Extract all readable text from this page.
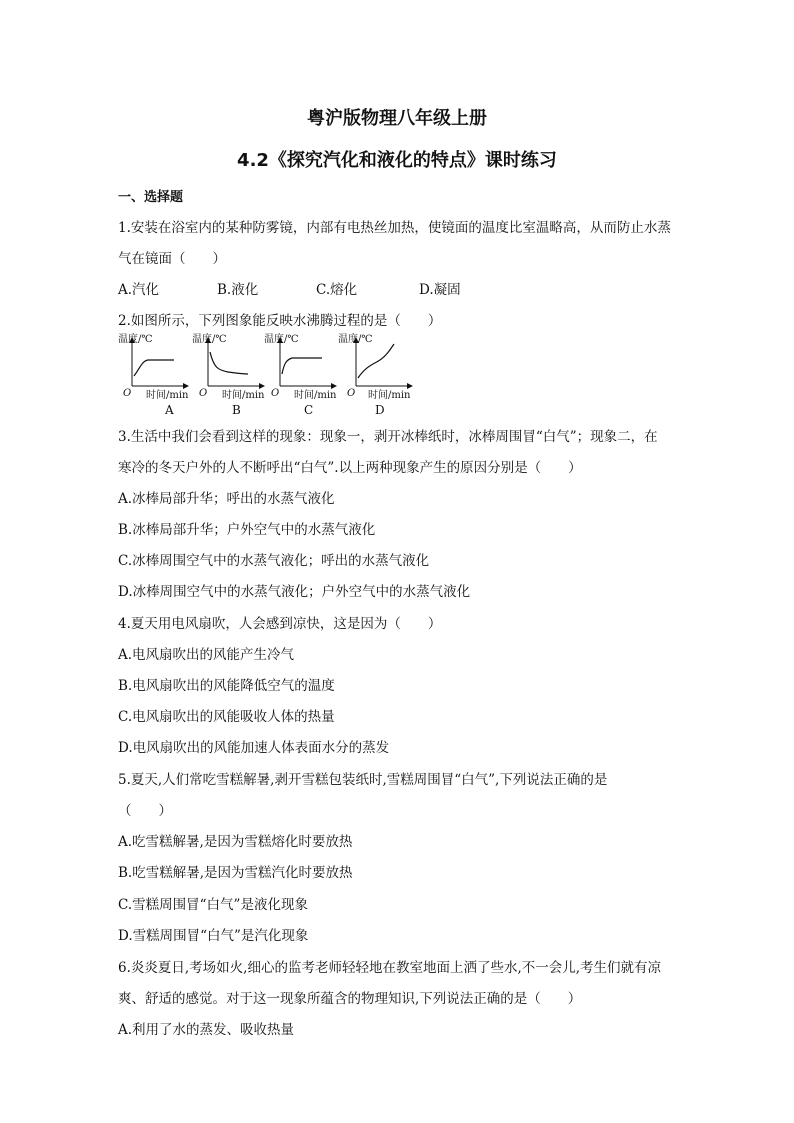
粤沪版物理八年级上册
4.2《探究汽化和液化的特点》课时练习
一、选择题
1.安装在浴室内的某种防雾镜，内部有电热丝加热，使镜面的温度比室温略高，从而防止水蒸
气在镜面（　　）
A.汽化	B.液化	C.熔化	D.凝固
2.如图所示，下列图象能反映水沸腾过程的是（　　）
温度/℃
O 时间/min
A
温度/℃
O 时间/min
B
温度/℃
O 时间/min
C
温度/℃
O 时间/min
D
3.生活中我们会看到这样的现象：现象一，剥开冰棒纸时，冰棒周围冒“白气”；现象二，在
寒冷的冬天户外的人不断呼出“白气”.以上两种现象产生的原因分别是（　　）
A.冰棒局部升华；呼出的水蒸气液化
B.冰棒局部升华；户外空气中的水蒸气液化
C.冰棒周围空气中的水蒸气液化；呼出的水蒸气液化
D.冰棒周围空气中的水蒸气液化；户外空气中的水蒸气液化
4.夏天用电风扇吹，人会感到凉快，这是因为（　　）
A.电风扇吹出的风能产生冷气
B.电风扇吹出的风能降低空气的温度
C.电风扇吹出的风能吸收人体的热量
D.电风扇吹出的风能加速人体表面水分的蒸发
5.夏天,人们常吃雪糕解暑,剥开雪糕包装纸时,雪糕周围冒“白气”,下列说法正确的是
（　　）
A.吃雪糕解暑,是因为雪糕熔化时要放热
B.吃雪糕解暑,是因为雪糕汽化时要放热
C.雪糕周围冒“白气”是液化现象
D.雪糕周围冒“白气”是汽化现象
6.炎炎夏日,考场如火,细心的监考老师轻轻地在教室地面上洒了些水,不一会儿,考生们就有凉
爽、舒适的感觉。对于这一现象所蕴含的物理知识,下列说法正确的是（　　）
A.利用了水的蒸发、吸收热量
